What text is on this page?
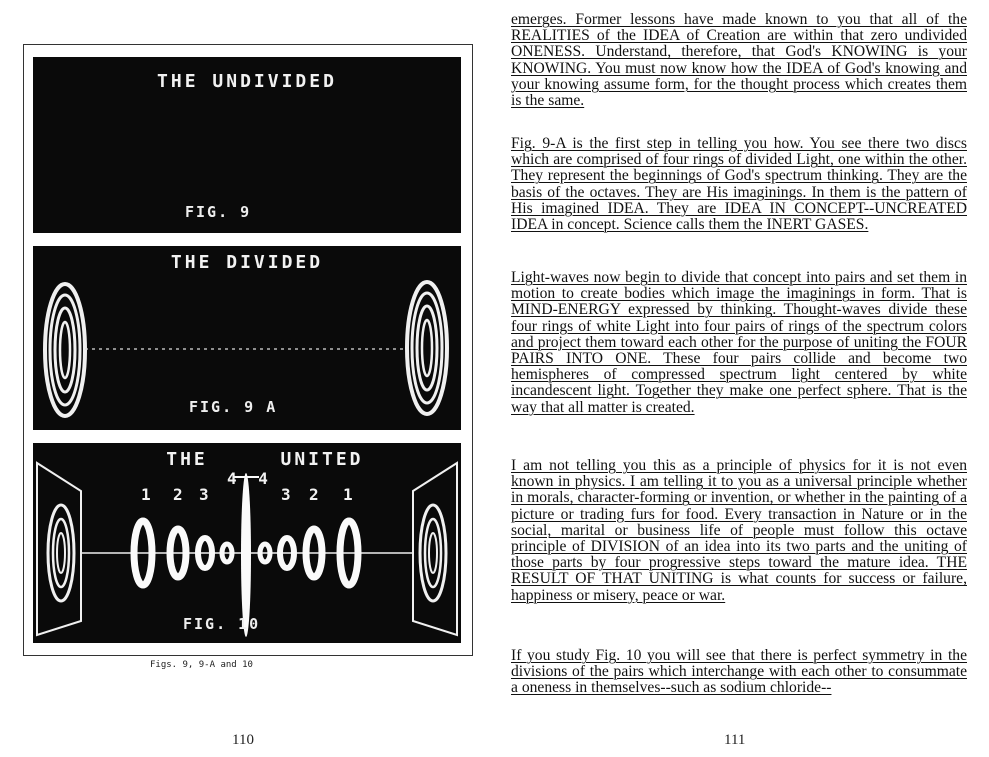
THE UNDIVIDED
FIG. 9
THE DIVIDED
FIG. 9 A
THE	UNITED
4 4
1 2 3	3 2 1
FIG. 10
Figs. 9, 9-A and 10
110

emerges. Former lessons have made known to you that all of the REALITIES of the IDEA of Creation are within that zero undivided ONENESS. Understand, therefore, that God's KNOWING is your KNOWING. You must now know how the IDEA of God's knowing and your knowing assume form, for the thought process which creates them is the same.

Fig. 9-A is the first step in telling you how. You see there two discs which are comprised of four rings of divided Light, one within the other. They represent the beginnings of God's spectrum thinking. They are the basis of the octaves. They are His imaginings. In them is the pattern of His imagined IDEA. They are IDEA IN CONCEPT--UNCREATED IDEA in concept. Science calls them the INERT GASES.

Light-waves now begin to divide that concept into pairs and set them in motion to create bodies which image the imaginings in form. That is MIND-ENERGY expressed by thinking. Thought-waves divide these four rings of white Light into four pairs of rings of the spectrum colors and project them toward each other for the purpose of uniting the FOUR PAIRS INTO ONE. These four pairs collide and become two hemispheres of compressed spectrum light centered by white incandescent light. Together they make one perfect sphere. That is the way that all matter is created.

I am not telling you this as a principle of physics for it is not even known in physics. I am telling it to you as a universal principle whether in morals, character-forming or invention, or whether in the painting of a picture or trading furs for food. Every transaction in Nature or in the social, marital or business life of people must follow this octave principle of DIVISION of an idea into its two parts and the uniting of those parts by four progressive steps toward the mature idea. THE RESULT OF THAT UNITING is what counts for success or failure, happiness or misery, peace or war.

If you study Fig. 10 you will see that there is perfect symmetry in the divisions of the pairs which interchange with each other to consummate a oneness in themselves--such as sodium chloride--

111
